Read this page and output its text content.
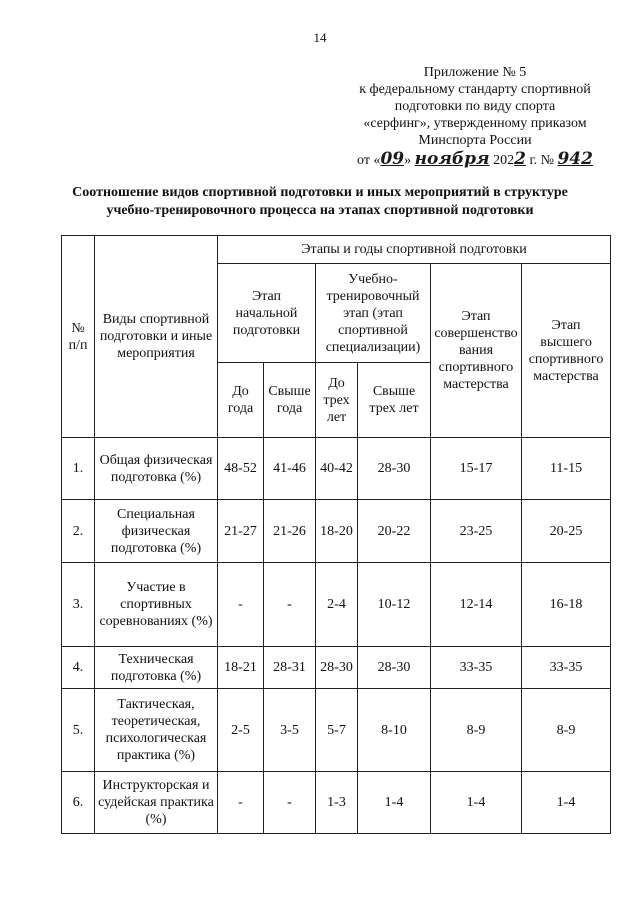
14
Приложение № 5
к федеральному стандарту спортивной
подготовки по виду спорта
«серфинг», утвержденному приказом
Минспорта России
от «09» ноября 2022 г. № 942
Соотношение видов спортивной подготовки и иных мероприятий в структуре
учебно-тренировочного процесса на этапах спортивной подготовки
№ п/п	Виды спортивной подготовки и иные мероприятия	Этапы и годы спортивной подготовки					
		Этап начальной подготовки		Учебно-тренировочный этап (этап спортивной специализации)		Этап совершенство вания спортивного мастерства	Этап высшего спортивного мастерства
		До года	Свыше года	До трех лет	Свыше трех лет		
1.	Общая физическая подготовка (%)	48-52	41-46	40-42	28-30	15-17	11-15
2.	Специальная физическая подготовка (%)	21-27	21-26	18-20	20-22	23-25	20-25
3.	Участие в спортивных соревнованиях (%)	-	-	2-4	10-12	12-14	16-18
4.	Техническая подготовка (%)	18-21	28-31	28-30	28-30	33-35	33-35
5.	Тактическая, теоретическая, психологическая практика (%)	2-5	3-5	5-7	8-10	8-9	8-9
6.	Инструкторская и судейская практика (%)	-	-	1-3	1-4	1-4	1-4
